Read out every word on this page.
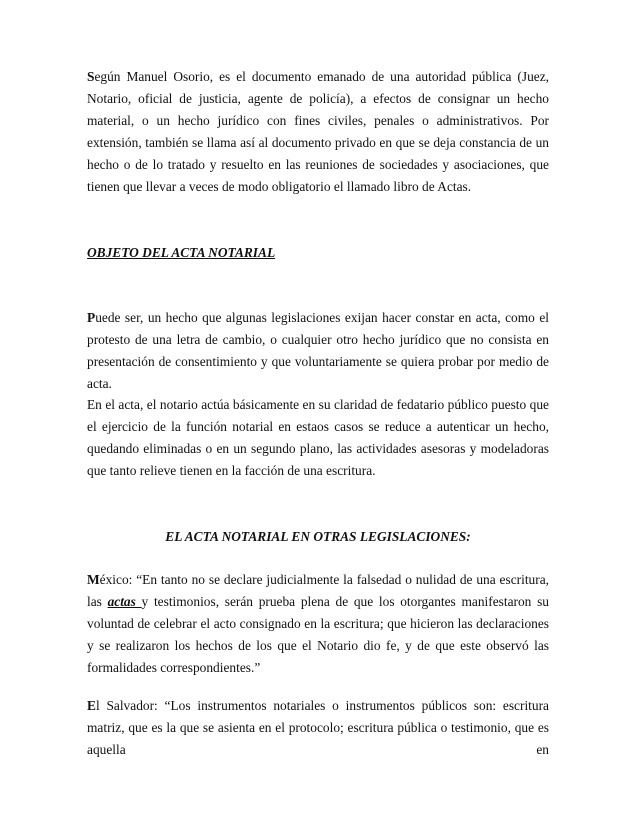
Según Manuel Osorio, es el documento emanado de una autoridad pública (Juez, Notario, oficial de justicia, agente de policía), a efectos de consignar un hecho material, o un hecho jurídico con fines civiles, penales o administrativos. Por extensión, también se llama así al documento privado en que se deja constancia de un hecho o de lo tratado y resuelto en las reuniones de sociedades y asociaciones, que tienen que llevar a veces de modo obligatorio el llamado libro de Actas.

OBJETO DEL ACTA NOTARIAL

Puede ser, un hecho que algunas legislaciones exijan hacer constar en acta, como el protesto de una letra de cambio, o cualquier otro hecho jurídico que no consista en presentación de consentimiento y que voluntariamente se quiera probar por medio de acta.

En el acta, el notario actúa básicamente en su claridad de fedatario público puesto que el ejercicio de la función notarial en estaos casos se reduce a autenticar un hecho, quedando eliminadas o en un segundo plano, las actividades asesoras y modeladoras que tanto relieve tienen en la facción de una escritura.

EL ACTA NOTARIAL EN OTRAS LEGISLACIONES:

México: “En tanto no se declare judicialmente la falsedad o nulidad de una escritura, las actas y testimonios, serán prueba plena de que los otorgantes manifestaron su voluntad de celebrar el acto consignado en la escritura; que hicieron las declaraciones y se realizaron los hechos de los que el Notario dio fe, y de que este observó las formalidades correspondientes.”

El Salvador: “Los instrumentos notariales o instrumentos públicos son: escritura matriz, que es la que se asienta en el protocolo; escritura pública o testimonio, que es aquella en
